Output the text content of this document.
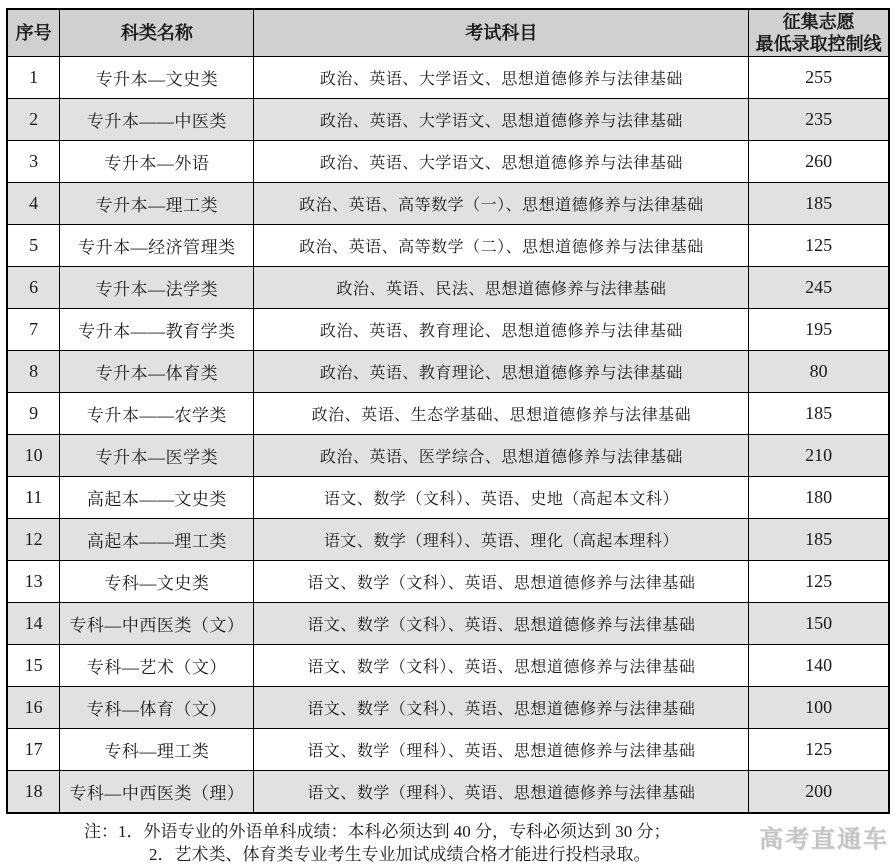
序号	科类名称	考试科目	征集志愿
最低录取控制线

1	专升本—文史类	政治、英语、大学语文、思想道德修养与法律基础	255
2	专升本——中医类	政治、英语、大学语文、思想道德修养与法律基础	235
3	专升本—外语	政治、英语、大学语文、思想道德修养与法律基础	260
4	专升本—理工类	政治、英语、高等数学（一）、思想道德修养与法律基础	185
5	专升本—经济管理类	政治、英语、高等数学（二）、思想道德修养与法律基础	125
6	专升本—法学类	政治、英语、民法、思想道德修养与法律基础	245
7	专升本——教育学类	政治、英语、教育理论、思想道德修养与法律基础	195
8	专升本—体育类	政治、英语、教育理论、思想道德修养与法律基础	80
9	专升本——农学类	政治、英语、生态学基础、思想道德修养与法律基础	185
10	专升本—医学类	政治、英语、医学综合、思想道德修养与法律基础	210
11	高起本——文史类	语文、数学（文科）、英语、史地（高起本文科）	180
12	高起本——理工类	语文、数学（理科）、英语、理化（高起本理科）	185
13	专科—文史类	语文、数学（文科）、英语、思想道德修养与法律基础	125
14	专科—中西医类（文）	语文、数学（文科）、英语、思想道德修养与法律基础	150
15	专科—艺术（文）	语文、数学（文科）、英语、思想道德修养与法律基础	140
16	专科—体育（文）	语文、数学（文科）、英语、思想道德修养与法律基础	100
17	专科—理工类	语文、数学（理科）、英语、思想道德修养与法律基础	125
18	专科—中西医类（理）	语文、数学（理科）、英语、思想道德修养与法律基础	200
注：1．外语专业的外语单科成绩：本科必须达到 40 分，专科必须达到 30 分；
2．艺术类、体育类专业考生专业加试成绩合格才能进行投档录取。
高考直通车
